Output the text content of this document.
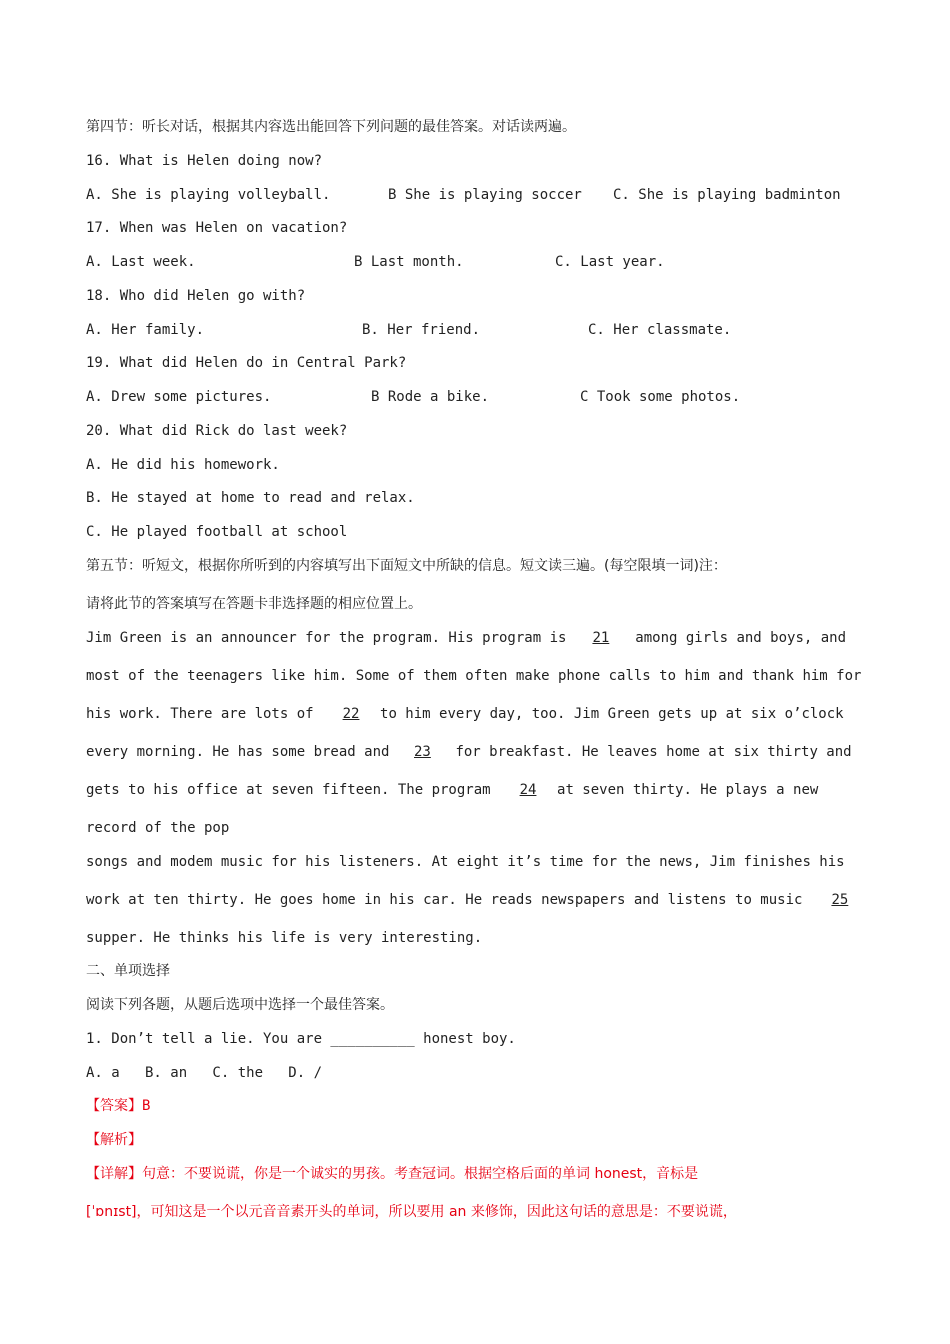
第四节：听长对话，根据其内容选出能回答下列问题的最佳答案。对话读两遍。
16. What is Helen doing now?
A. She is playing volleyball.	B She is playing soccer C. She is playing badminton
17. When was Helen on vacation?
A. Last week.	B Last month.	C. Last year.
18. Who did Helen go with?
A. Her family.	B. Her friend.	C. Her classmate.
19. What did Helen do in Central Park?
A. Drew some pictures.	B Rode a bike.	C Took some photos.
20. What did Rick do last week?
A. He did his homework.
B. He stayed at home to read and relax.
C. He played football at school
第五节：听短文，根据你所听到的内容填写出下面短文中所缺的信息。短文读三遍。(每空限填一词)注：
请将此节的答案填写在答题卡非选择题的相应位置上。
Jim Green is an announcer for the program. His program is 21 among girls and boys, and
most of the teenagers like him. Some of them often make phone calls to him and thank him for
his work. There are lots of 22 to him every day, too. Jim Green gets up at six o’clock
every morning. He has some bread and 23 for breakfast. He leaves home at six thirty and
gets to his office at seven fifteen. The program 24 at seven thirty. He plays a new
record of the pop
songs and modem music for his listeners. At eight it’s time for the news, Jim finishes his
work at ten thirty. He goes home in his car. He reads newspapers and listens to music 25
supper. He thinks his life is very interesting.
二、单项选择
阅读下列各题，从题后选项中选择一个最佳答案。
1. Don’t tell a lie. You are __________ honest boy.
A. a   B. an   C. the   D. /
【答案】B
【解析】
【详解】句意：不要说谎，你是一个诚实的男孩。考查冠词。根据空格后面的单词 honest，音标是
[ˈɒnɪst]，可知这是一个以元音音素开头的单词，所以要用 an 来修饰，因此这句话的意思是：不要说谎，
